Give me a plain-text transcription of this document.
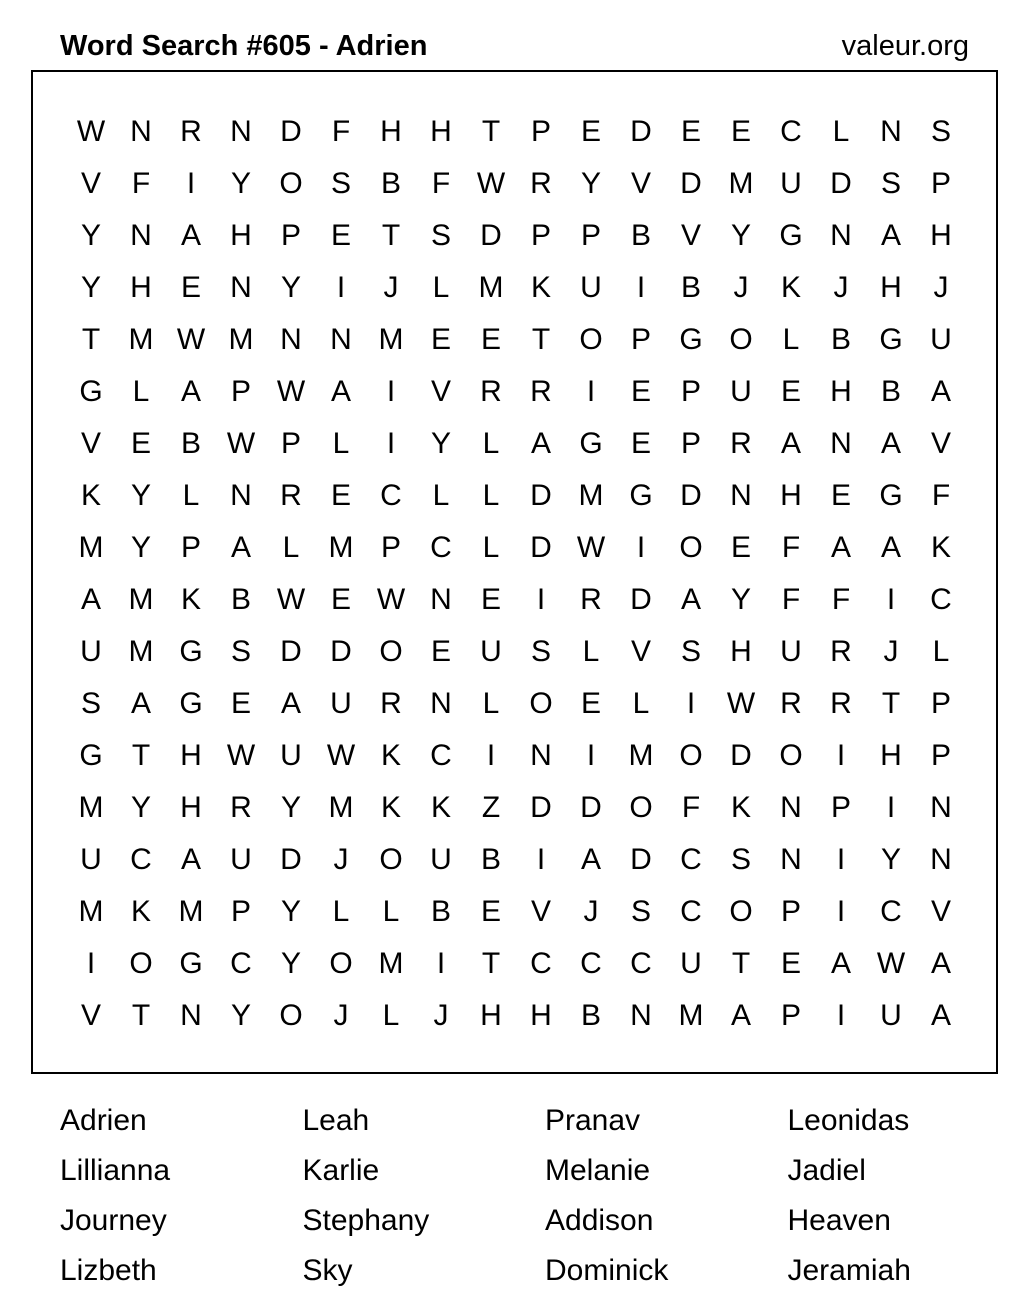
Word Search #605 - Adrien	valeur.org
W N R N D	F	H H	T	P E D E E C	L	N S
V	F	I	Y O S B	F W R Y V D M U D S P
Y N A H P E	T	S D P P B V Y G N A H
Y H E N Y	I	J	L M K U	I	B	J	K	J	H	J
T M W M N N M E E	T O P G O L	B G U
G L	A P W A	I	V R R	I	E P U E H B A
V E B W P	L	I	Y	L	A G E P R A N A V
K Y	L	N R E C	L	L	D M G D N H E G F
M Y P A	L M P C	L	D W	I	O E	F	A A K
A M K B W E W N E	I	R D A Y	F	F	I	C
U M G S D D O E U S	L	V S H U R	J	L
S A G E A U R N	L O E	L	I	W R R	T	P
G T	H W U W K C	I	N	I	M O D O	I	H P
M Y H R Y M K K	Z	D D O F	K N P	I	N
U C A U D	J	O U B	I	A D C S N	I	Y N
M K M P Y	L	L	B E V	J	S C O P	I	C V
I	O G C Y O M	I	T	C C C U	T	E A W A
V	T	N Y O	J	L	J	H H B N M A P	I	U A
Adrien	Leah	Pranav	Leonidas
Lillianna	Karlie	Melanie	Jadiel
Journey	Stephany	Addison	Heaven
Lizbeth	Sky	Dominick	Jeramiah
